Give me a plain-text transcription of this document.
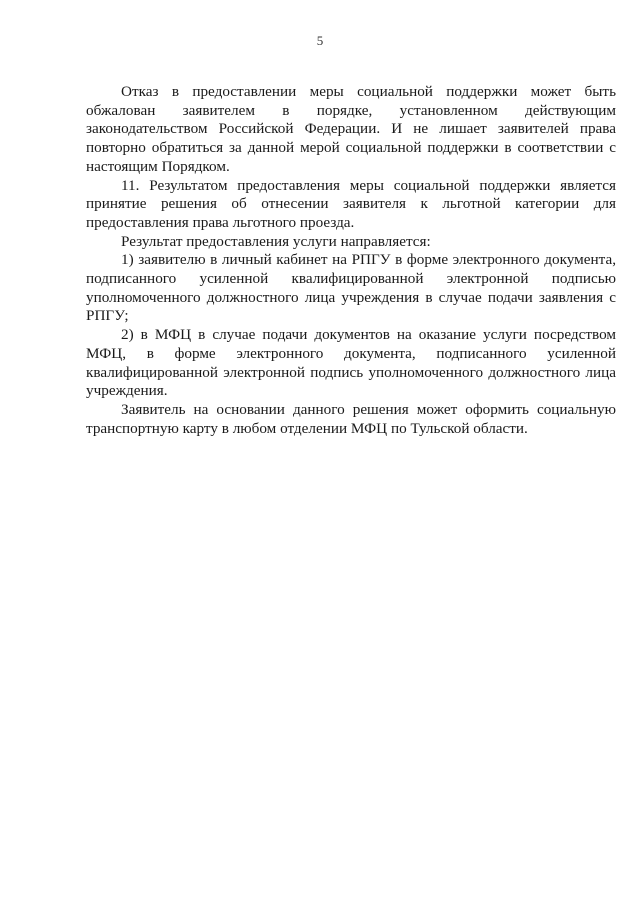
5

Отказ в предоставлении меры социальной поддержки может быть обжалован заявителем в порядке, установленном действующим законодательством Российской Федерации. И не лишает заявителей права повторно обратиться за данной мерой социальной поддержки в соответствии с настоящим Порядком.

11. Результатом предоставления меры социальной поддержки является принятие решения об отнесении заявителя к льготной категории для предоставления права льготного проезда.

Результат предоставления услуги направляется:

1) заявителю в личный кабинет на РПГУ в форме электронного документа, подписанного усиленной квалифицированной электронной подписью уполномоченного должностного лица учреждения в случае подачи заявления с РПГУ;

2) в МФЦ в случае подачи документов на оказание услуги посредством МФЦ, в форме электронного документа, подписанного усиленной квалифицированной электронной подпись уполномоченного должностного лица учреждения.

Заявитель на основании данного решения может оформить социальную транспортную карту в любом отделении МФЦ по Тульской области.
